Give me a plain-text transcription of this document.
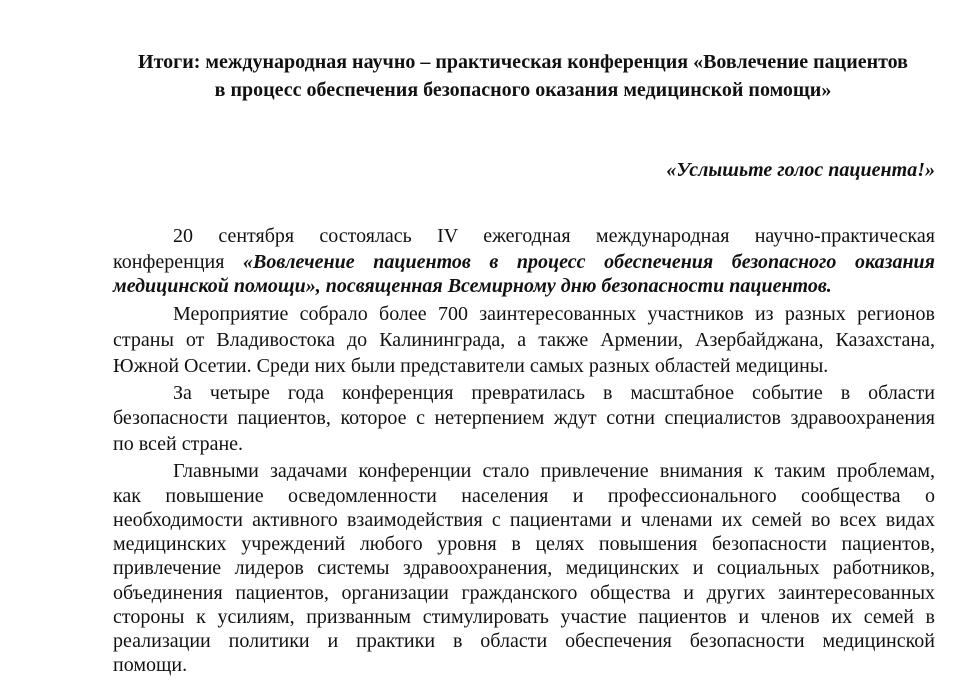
Итоги: международная научно – практическая конференция «Вовлечение пациентов
в процесс обеспечения безопасного оказания медицинской помощи»
«Услышьте голос пациента!»
20 сентября состоялась IV ежегодная международная научно-практическая
конференция «Вовлечение пациентов в процесс обеспечения безопасного оказания
медицинской помощи», посвященная Всемирному дню безопасности пациентов.
Мероприятие собрало более 700 заинтересованных участников из разных регионов
страны от Владивостока до Калининграда, а также Армении, Азербайджана, Казахстана,
Южной Осетии. Среди них были представители самых разных областей медицины.
За четыре года конференция превратилась в масштабное событие в области
безопасности пациентов, которое с нетерпением ждут сотни специалистов здравоохранения
по всей стране.
Главными задачами конференции стало привлечение внимания к таким проблемам,
как повышение осведомленности населения и профессионального сообщества о
необходимости активного взаимодействия с пациентами и членами их семей во всех видах
медицинских учреждений любого уровня в целях повышения безопасности пациентов,
привлечение лидеров системы здравоохранения, медицинских и социальных работников,
объединения пациентов, организации гражданского общества и других заинтересованных
стороны к усилиям, призванным стимулировать участие пациентов и членов их семей в
реализации политики и практики в области обеспечения безопасности медицинской
помощи.
